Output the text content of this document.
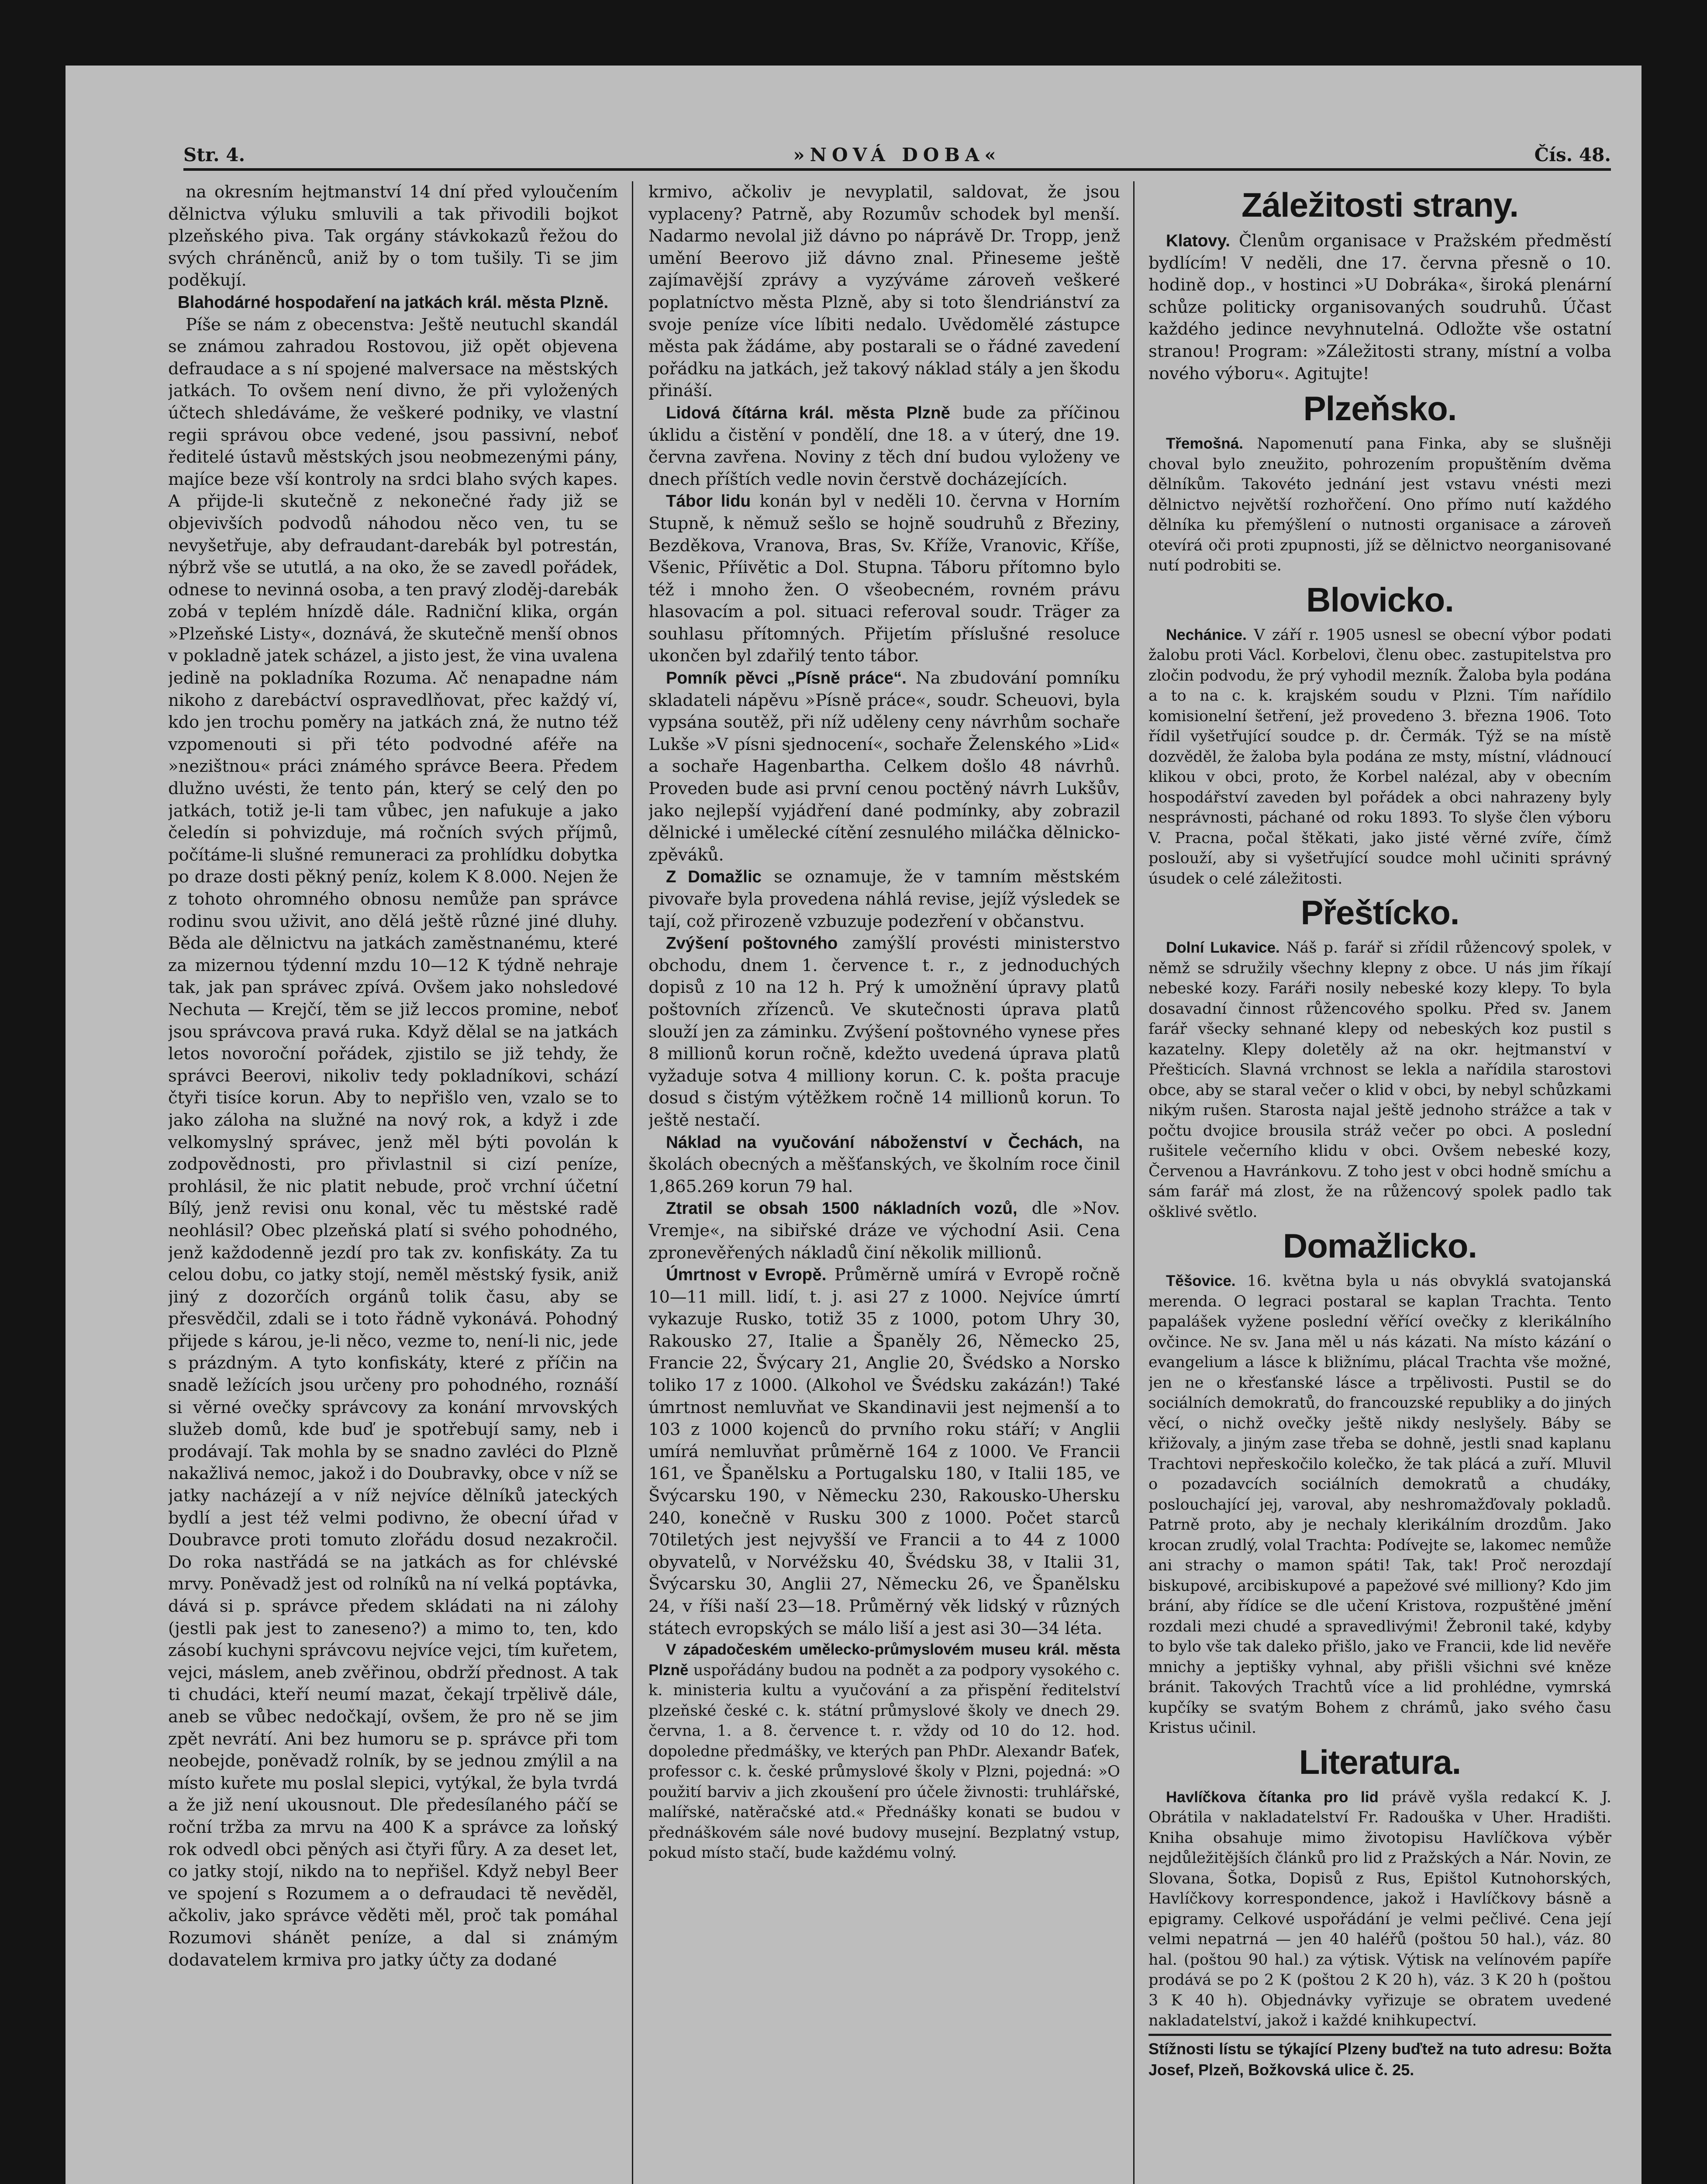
Str. 4.	»NOVÁ DOBA«	Čís. 48.

na okresním hejtmanství 14 dní před vyloučením dělnictva výluku smluvili a tak přivodili bojkot plzeňského piva. Tak orgány stávkokazů řežou do svých chráněnců, aniž by o tom tušily. Ti se jim poděkují.

Blahodárné hospodaření na jatkách král. města Plzně.

Píše se nám z obecenstva: Ještě neutuchl skandál se známou zahradou Rostovou, již opět objevena defraudace a s ní spojené malversace na městských jatkách. To ovšem není divno, že při vyložených účtech shledáváme, že veškeré podniky, ve vlastní regii správou obce vedené, jsou passivní, neboť ředitelé ústavů městských jsou neobmezenými pány, majíce beze vší kontroly na srdci blaho svých kapes. A přijde-li skutečně z nekonečné řady již se objevivších podvodů náhodou něco ven, tu se nevyšetřuje, aby defraudant-darebák byl potrestán, nýbrž vše se ututlá, a na oko, že se zavedl pořádek, odnese to nevinná osoba, a ten pravý zloděj-darebák zobá v teplém hnízdě dále. Radniční klika, orgán »Plzeňské Listy«, doznává, že skutečně menší obnos v pokladně jatek scházel, a jisto jest, že vina uvalena jedině na pokladníka Rozuma. Ač nenapadne nám nikoho z darebáctví ospravedlňovat, přec každý ví, kdo jen trochu poměry na jatkách zná, že nutno též vzpomenouti si při této podvodné aféře na »nezištnou« práci známého správce Beera. Předem dlužno uvésti, že tento pán, který se celý den po jatkách, totiž je-li tam vůbec, jen nafukuje a jako čeledín si pohvizduje, má ročních svých příjmů, počítáme-li slušné remuneraci za prohlídku dobytka po draze dosti pěkný peníz, kolem K 8.000. Nejen že z tohoto ohromného obnosu nemůže pan správce rodinu svou uživit, ano dělá ještě různé jiné dluhy. Běda ale dělnictvu na jatkách zaměstnanému, které za mizernou týdenní mzdu 10—12 K týdně nehraje tak, jak pan správec zpívá. Ovšem jako nohsledové Nechuta — Krejčí, těm se již leccos promine, neboť jsou správcova pravá ruka. Když dělal se na jatkách letos novoroční pořádek, zjistilo se již tehdy, že správci Beerovi, nikoliv tedy pokladníkovi, schází čtyři tisíce korun. Aby to nepřišlo ven, vzalo se to jako záloha na služné na nový rok, a když i zde velkomyslný správec, jenž měl býti povolán k zodpovědnosti, pro přivlastnil si cizí peníze, prohlásil, že nic platit nebude, proč vrchní účetní Bílý, jenž revisi onu konal, věc tu městské radě neohlásil? Obec plzeňská platí si svého pohodného, jenž každodenně jezdí pro tak zv. konfiskáty. Za tu celou dobu, co jatky stojí, neměl městský fysik, aniž jiný z dozorčích orgánů tolik času, aby se přesvědčil, zdali se i toto řádně vykonává. Pohodný přijede s károu, je-li něco, vezme to, není-li nic, jede s prázdným. A tyto konfiskáty, které z příčin na snadě ležících jsou určeny pro pohodného, roznáší si věrné ovečky správcovy za konání mrvovských služeb domů, kde buď je spotřebují samy, neb i prodávají. Tak mohla by se snadno zavléci do Plzně nakažlivá nemoc, jakož i do Doubravky, obce v níž se jatky nacházejí a v níž nejvíce dělníků jateckých bydlí a jest též velmi podivno, že obecní úřad v Doubravce proti tomuto zlořádu dosud nezakročil. Do roka nastřádá se na jatkách as for chlévské mrvy. Poněvadž jest od rolníků na ní velká poptávka, dává si p. správce předem skládati na ni zálohy (jestli pak jest to zaneseno?) a mimo to, ten, kdo zásobí kuchyni správcovu nejvíce vejci, tím kuřetem, vejci, máslem, aneb zvěřinou, obdrží přednost. A tak ti chudáci, kteří neumí mazat, čekají trpělivě dále, aneb se vůbec nedočkají, ovšem, že pro ně se jim zpět nevrátí. Ani bez humoru se p. správce při tom neobejde, poněvadž rolník, by se jednou zmýlil a na místo kuřete mu poslal slepici, vytýkal, že byla tvrdá a že již není ukousnout. Dle předesílaného páčí se roční tržba za mrvu na 400 K a správce za loňský rok odvedl obci pěných asi čtyři fůry. A za deset let, co jatky stojí, nikdo na to nepřišel. Když nebyl Beer ve spojení s Rozumem a o defraudaci tě nevěděl, ačkoliv, jako správce věděti měl, proč tak pomáhal Rozumovi shánět peníze, a dal si známým dodavatelem krmiva pro jatky účty za dodané

krmivo, ačkoliv je nevyplatil, saldovat, že jsou vyplaceny? Patrně, aby Rozumův schodek byl menší. Nadarmo nevolal již dávno po náprávě Dr. Tropp, jenž umění Beerovo již dávno znal. Přineseme ještě zajímavější zprávy a vyzýváme zároveň veškeré poplatníctvo města Plzně, aby si toto šlendriánství za svoje peníze více líbiti nedalo. Uvědomělé zástupce města pak žádáme, aby postarali se o řádné zavedení pořádku na jatkách, jež takový náklad stály a jen škodu přináší.

Lidová čítárna král. města Plzně bude za příčinou úklidu a čistění v pondělí, dne 18. a v úterý, dne 19. června zavřena. Noviny z těch dní budou vyloženy ve dnech příštích vedle novin čerstvě docházejících.

Tábor lidu konán byl v neděli 10. června v Horním Stupně, k němuž sešlo se hojně soudruhů z Březiny, Bezděkova, Vranova, Bras, Sv. Kříže, Vranovic, Kříše, Všenic, Příivětic a Dol. Stupna. Táboru přítomno bylo též i mnoho žen. O všeobecném, rovném právu hlasovacím a pol. situaci referoval soudr. Träger za souhlasu přítomných. Přijetím příslušné resoluce ukončen byl zdařilý tento tábor.

Pomník pěvci „Písně práce“. Na zbudování pomníku skladateli nápěvu »Písně práce«, soudr. Scheuovi, byla vypsána soutěž, při níž uděleny ceny návrhům sochaře Lukše »V písni sjednocení«, sochaře Želenského »Lid« a sochaře Hagenbartha. Celkem došlo 48 návrhů. Proveden bude asi první cenou poctěný návrh Lukšův, jako nejlepší vyjádření dané podmínky, aby zobrazil dělnické i umělecké cítění zesnulého miláčka dělnicko-zpěváků.

Z Domažlic se oznamuje, že v tamním městském pivovaře byla provedena náhlá revise, jejíž výsledek se tají, což přirozeně vzbuzuje podezření v občanstvu.

Zvýšení poštovného zamýšlí provésti ministerstvo obchodu, dnem 1. července t. r., z jednoduchých dopisů z 10 na 12 h. Prý k umožnění úpravy platů poštovních zřízenců. Ve skutečnosti úprava platů slouží jen za záminku. Zvýšení poštovného vynese přes 8 millionů korun ročně, kdežto uvedená úprava platů vyžaduje sotva 4 milliony korun. C. k. pošta pracuje dosud s čistým výtěžkem ročně 14 millionů korun. To ještě nestačí.

Náklad na vyučování náboženství v Čechách, na školách obecných a měšťanských, ve školním roce činil 1,865.269 korun 79 hal.

Ztratil se obsah 1500 nákladních vozů, dle »Nov. Vremje«, na sibiřské dráze ve východní Asii. Cena zpronevěřených nákladů činí několik millionů.

Úmrtnost v Evropě. Průměrně umírá v Evropě ročně 10—11 mill. lidí, t. j. asi 27 z 1000. Nejvíce úmrtí vykazuje Rusko, totiž 35 z 1000, potom Uhry 30, Rakousko 27, Italie a Španěly 26, Německo 25, Francie 22, Švýcary 21, Anglie 20, Švédsko a Norsko toliko 17 z 1000. (Alkohol ve Švédsku zakázán!) Také úmrtnost nemluvňat ve Skandinavii jest nejmenší a to 103 z 1000 kojenců do prvního roku stáří; v Anglii umírá nemluvňat průměrně 164 z 1000. Ve Francii 161, ve Španělsku a Portugalsku 180, v Italii 185, ve Švýcarsku 190, v Německu 230, Rakousko-Uhersku 240, konečně v Rusku 300 z 1000. Počet starců 70tiletých jest nejvyšší ve Francii a to 44 z 1000 obyvatelů, v Norvéžsku 40, Švédsku 38, v Italii 31, Švýcarsku 30, Anglii 27, Německu 26, ve Španělsku 24, v říši naší 23—18. Průměrný věk lidský v různých státech evropských se málo liší a jest asi 30—34 léta.

V západočeském umělecko-průmyslovém museu král. města Plzně uspořádány budou na podnět a za podpory vysokého c. k. ministeria kultu a vyučování a za přispění ředitelství plzeňské české c. k. státní průmyslové školy ve dnech 29. června, 1. a 8. července t. r. vždy od 10 do 12. hod. dopoledne předmášky, ve kterých pan PhDr. Alexandr Baťek, professor c. k. české průmyslové školy v Plzni, pojedná: »O použití barviv a jich zkoušení pro účele živnosti: truhlářské, malířské, natěračské atd.« Přednášky konati se budou v přednáškovém sále nové budovy musejní. Bezplatný vstup, pokud místo stačí, bude každému volný.

Záležitosti strany.

Klatovy. Členům organisace v Pražském předměstí bydlícím! V neděli, dne 17. června přesně o 10. hodině dop., v hostinci »U Dobráka«, široká plenární schůze politicky organisovaných soudruhů. Účast každého jedince nevyhnutelná. Odložte vše ostatní stranou! Program: »Záležitosti strany, místní a volba nového výboru«. Agitujte!

Plzeňsko.

Třemošná. Napomenutí pana Finka, aby se slušněji choval bylo zneužito, pohrozením propuštěním dvěma dělníkům. Takovéto jednání jest vstavu vnésti mezi dělnictvo největší rozhořčení. Ono přímo nutí každého dělníka ku přemýšlení o nutnosti organisace a zároveň otevírá oči proti zpupnosti, jíž se dělnictvo neorganisované nutí podrobiti se.

Blovicko.

Nechánice. V září r. 1905 usnesl se obecní výbor podati žalobu proti Václ. Korbelovi, členu obec. zastupitelstva pro zločin podvodu, že prý vyhodil mezník. Žaloba byla podána a to na c. k. krajském soudu v Plzni. Tím nařídilo komisionelní šetření, jež provedeno 3. března 1906. Toto řídil vyšetřující soudce p. dr. Čermák. Týž se na místě dozvěděl, že žaloba byla podána ze msty, místní, vládnoucí klikou v obci, proto, že Korbel nalézal, aby v obecním hospodářství zaveden byl pořádek a obci nahrazeny byly nesprávnosti, páchané od roku 1893. To slyše člen výboru V. Pracna, počal štěkati, jako jisté věrné zvíře, čímž poslouží, aby si vyšetřující soudce mohl učiniti správný úsudek o celé záležitosti.

Přeštícko.

Dolní Lukavice. Náš p. farář si zřídil růžencový spolek, v němž se sdružily všechny klepny z obce. U nás jim říkají nebeské kozy. Faráři nosily nebeské kozy klepy. To byla dosavadní činnost růžencového spolku. Před sv. Janem farář všecky sehnané klepy od nebeských koz pustil s kazatelny. Klepy doletěly až na okr. hejtmanství v Přešticích. Slavná vrchnost se lekla a nařídila starostovi obce, aby se staral večer o klid v obci, by nebyl schůzkami nikým rušen. Starosta najal ještě jednoho strážce a tak v počtu dvojice brousila stráž večer po obci. A poslední rušitele večerního klidu v obci. Ovšem nebeské kozy, Červenou a Havránkovu. Z toho jest v obci hodně smíchu a sám farář má zlost, že na růžencový spolek padlo tak ošklivé světlo.

Domažlicko.

Těšovice. 16. května byla u nás obvyklá svatojanská merenda. O legraci postaral se kaplan Trachta. Tento papalášek vyžene poslední věřící ovečky z klerikálního ovčince. Ne sv. Jana měl u nás kázati. Na místo kázání o evangelium a lásce k bližnímu, plácal Trachta vše možné, jen ne o křesťanské lásce a trpělivosti. Pustil se do sociálních demokratů, do francouzské republiky a do jiných věcí, o nichž ovečky ještě nikdy neslyšely. Báby se křižovaly, a jiným zase třeba se dohně, jestli snad kaplanu Trachtovi nepřeskočilo kolečko, že tak plácá a zuří. Mluvil o pozadavcích sociálních demokratů a chudáky, poslouchající jej, varoval, aby neshromažďovaly pokladů. Patrně proto, aby je nechaly klerikálním drozdům. Jako krocan zrudlý, volal Trachta: Podívejte se, lakomec nemůže ani strachy o mamon spáti! Tak, tak! Proč nerozdají biskupové, arcibiskupové a papežové své milliony? Kdo jim brání, aby řídíce se dle učení Kristova, rozpuštěné jmění rozdali mezi chudé a spravedlivými! Žebronil také, kdyby to bylo vše tak daleko přišlo, jako ve Francii, kde lid nevěře mnichy a jeptišky vyhnal, aby přišli všichni své kněze bránit. Takových Trachtů více a lid prohlédne, vymrská kupčíky se svatým Bohem z chrámů, jako svého času Kristus učinil.

Literatura.

Havlíčkova čítanka pro lid právě vyšla redakcí K. J. Obrátila v nakladatelství Fr. Radouška v Uher. Hradišti. Kniha obsahuje mimo životopisu Havlíčkova výběr nejdůležitějších článků pro lid z Pražských a Nár. Novin, ze Slovana, Šotka, Dopisů z Rus, Epištol Kutnohorských, Havlíčkovy korrespondence, jakož i Havlíčkovy básně a epigramy. Celkové uspořádání je velmi pečlivé. Cena její velmi nepatrná — jen 40 haléřů (poštou 50 hal.), váz. 80 hal. (poštou 90 hal.) za výtisk. Výtisk na velínovém papíře prodává se po 2 K (poštou 2 K 20 h), váz. 3 K 20 h (poštou 3 K 40 h). Objednávky vyřizuje se obratem uvedené nakladatelství, jakož i každé knihkupectví.

Stížnosti lístu se týkající Plzeny buďtež na tuto adresu: Božta Josef, Plzeň, Božkovská ulice č. 25.
